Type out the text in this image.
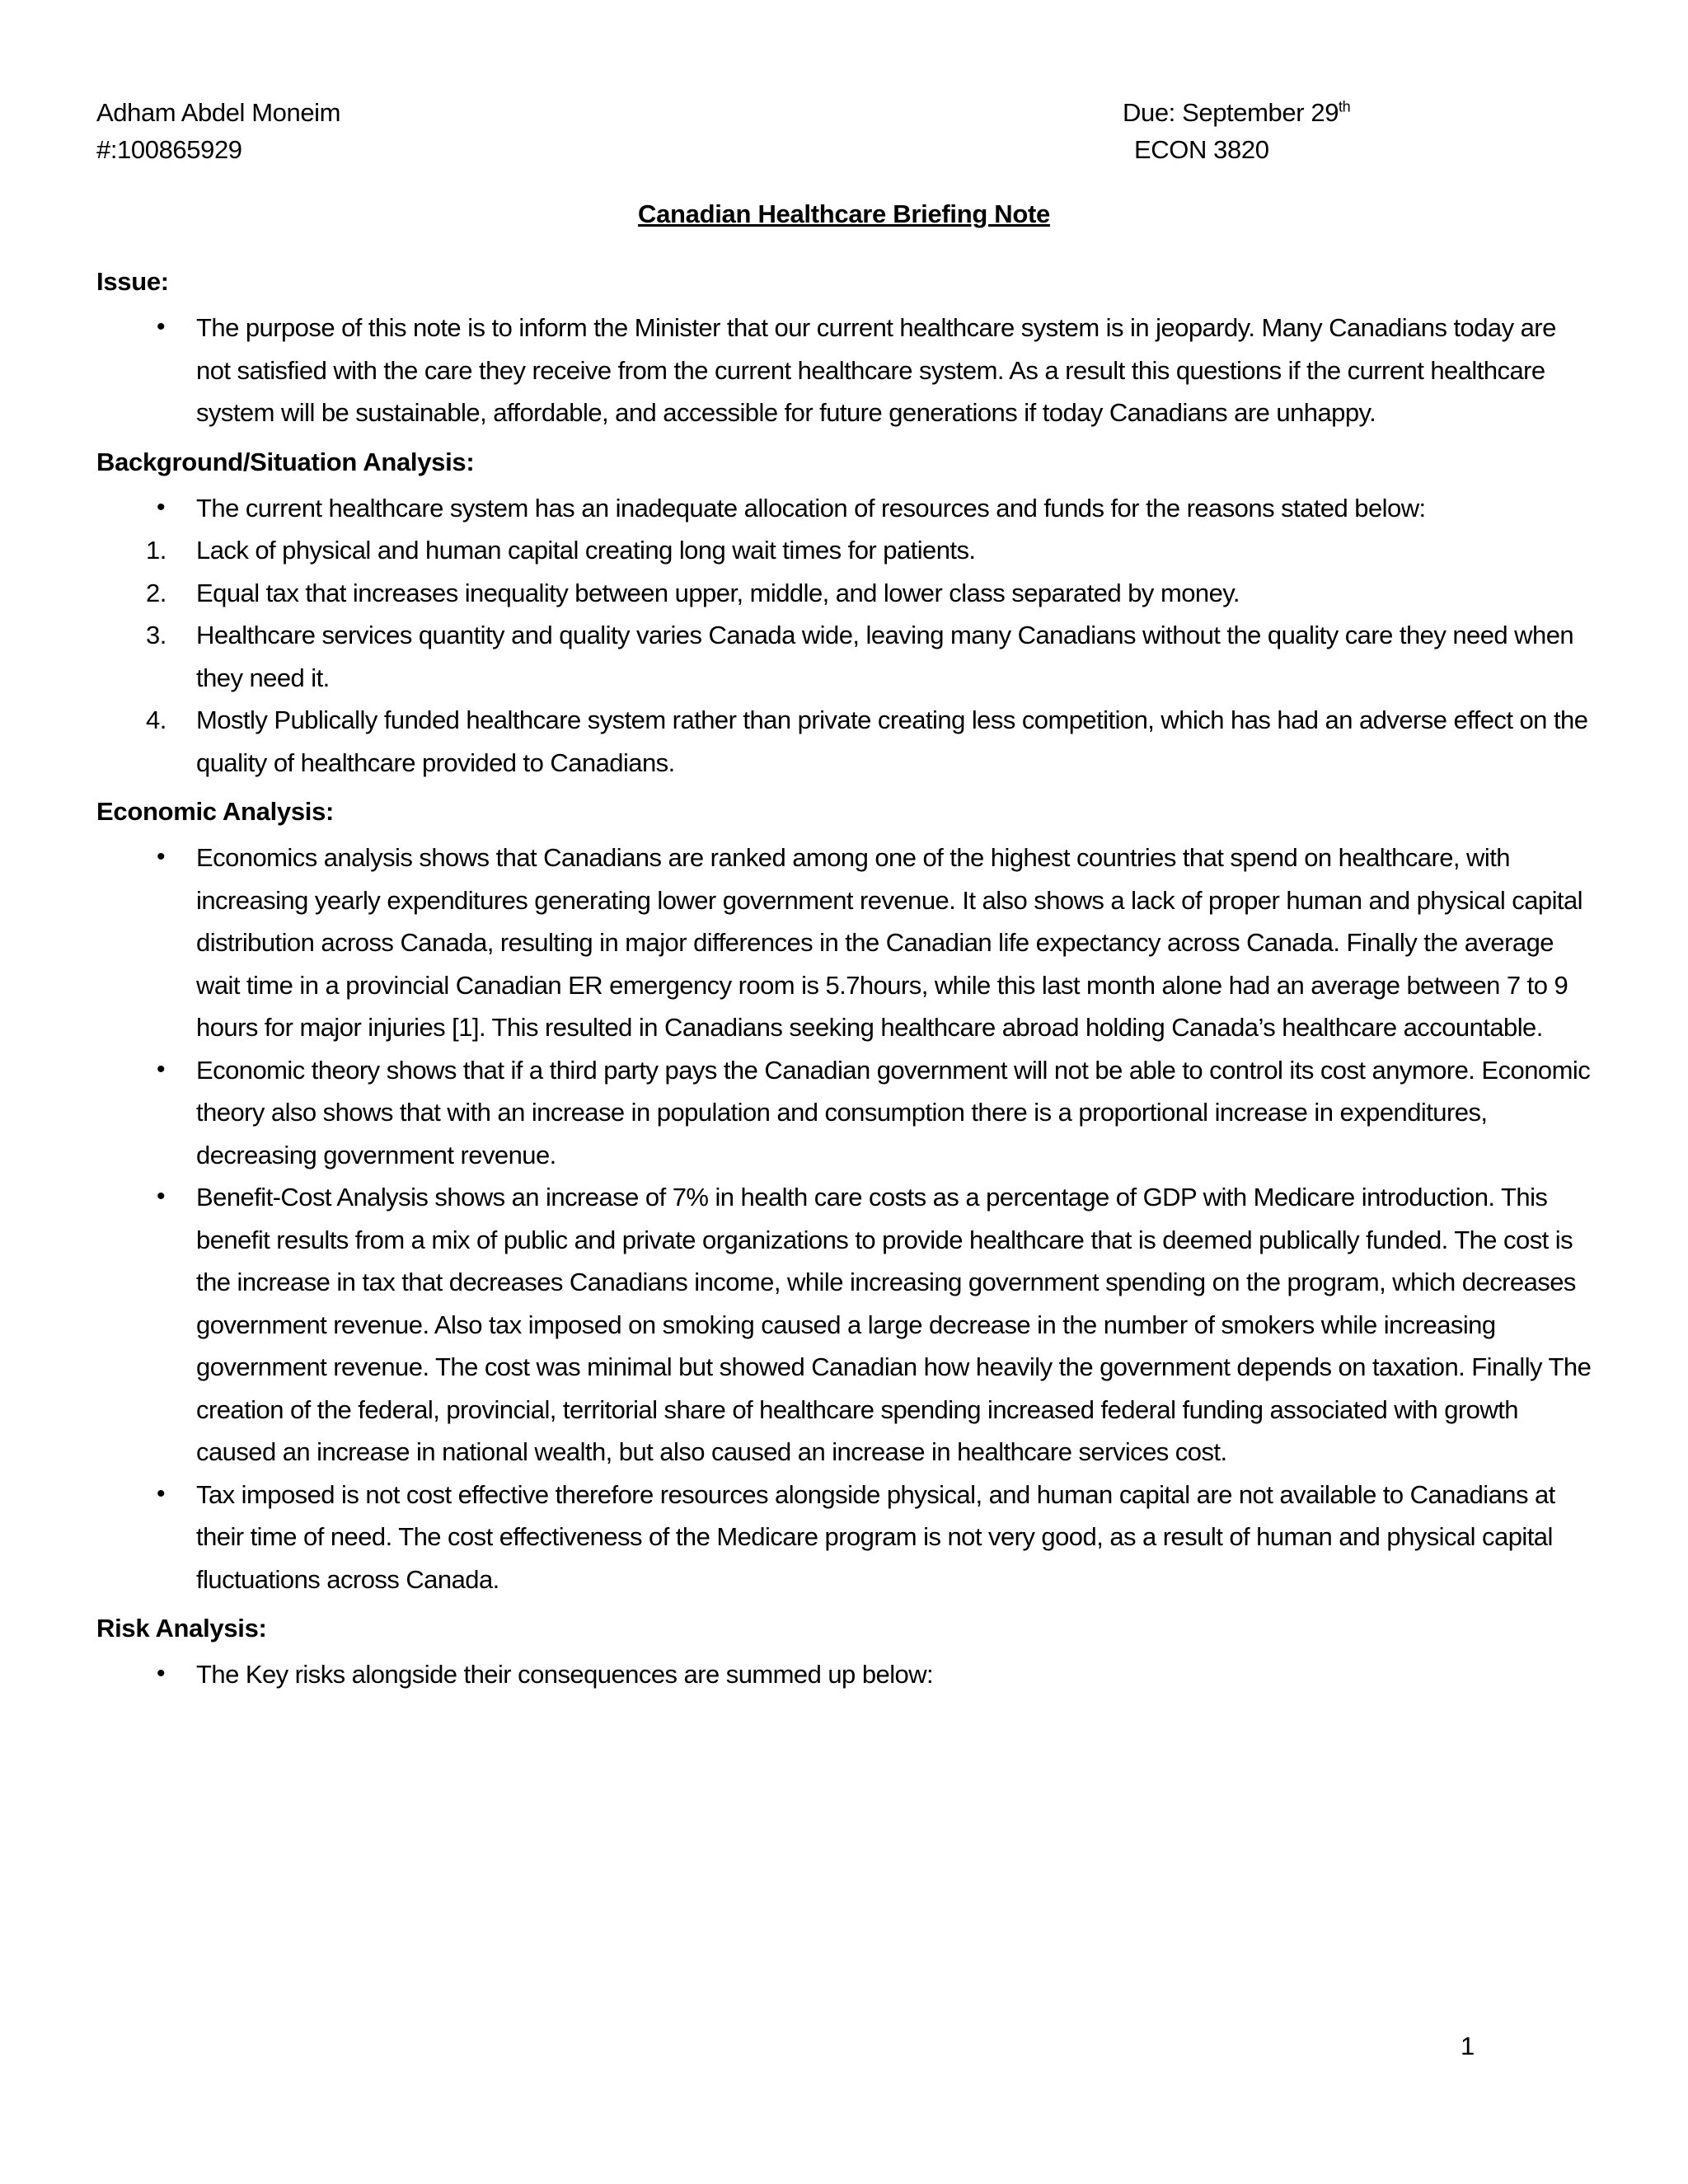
Adham Abdel Moneim
#:100865929
Due: September 29th
ECON 3820
Canadian Healthcare Briefing Note
Issue:
• The purpose of this note is to inform the Minister that our current healthcare system is in jeopardy. Many Canadians today are not satisfied with the care they receive from the current healthcare system. As a result this questions if the current healthcare system will be sustainable, affordable, and accessible for future generations if today Canadians are unhappy.
Background/Situation Analysis:
• The current healthcare system has an inadequate allocation of resources and funds for the reasons stated below:
1. Lack of physical and human capital creating long wait times for patients.
2. Equal tax that increases inequality between upper, middle, and lower class separated by money.
3. Healthcare services quantity and quality varies Canada wide, leaving many Canadians without the quality care they need when they need it.
4. Mostly Publically funded healthcare system rather than private creating less competition, which has had an adverse effect on the quality of healthcare provided to Canadians.
Economic Analysis:
• Economics analysis shows that Canadians are ranked among one of the highest countries that spend on healthcare, with increasing yearly expenditures generating lower government revenue. It also shows a lack of proper human and physical capital distribution across Canada, resulting in major differences in the Canadian life expectancy across Canada. Finally the average wait time in a provincial Canadian ER emergency room is 5.7hours, while this last month alone had an average between 7 to 9 hours for major injuries [1]. This resulted in Canadians seeking healthcare abroad holding Canada’s healthcare accountable.
• Economic theory shows that if a third party pays the Canadian government will not be able to control its cost anymore. Economic theory also shows that with an increase in population and consumption there is a proportional increase in expenditures, decreasing government revenue.
• Benefit-Cost Analysis shows an increase of 7% in health care costs as a percentage of GDP with Medicare introduction. This benefit results from a mix of public and private organizations to provide healthcare that is deemed publically funded. The cost is the increase in tax that decreases Canadians income, while increasing government spending on the program, which decreases government revenue. Also tax imposed on smoking caused a large decrease in the number of smokers while increasing government revenue. The cost was minimal but showed Canadian how heavily the government depends on taxation. Finally The creation of the federal, provincial, territorial share of healthcare spending increased federal funding associated with growth caused an increase in national wealth, but also caused an increase in healthcare services cost.
• Tax imposed is not cost effective therefore resources alongside physical, and human capital are not available to Canadians at their time of need. The cost effectiveness of the Medicare program is not very good, as a result of human and physical capital fluctuations across Canada.
Risk Analysis:
• The Key risks alongside their consequences are summed up below:
1
